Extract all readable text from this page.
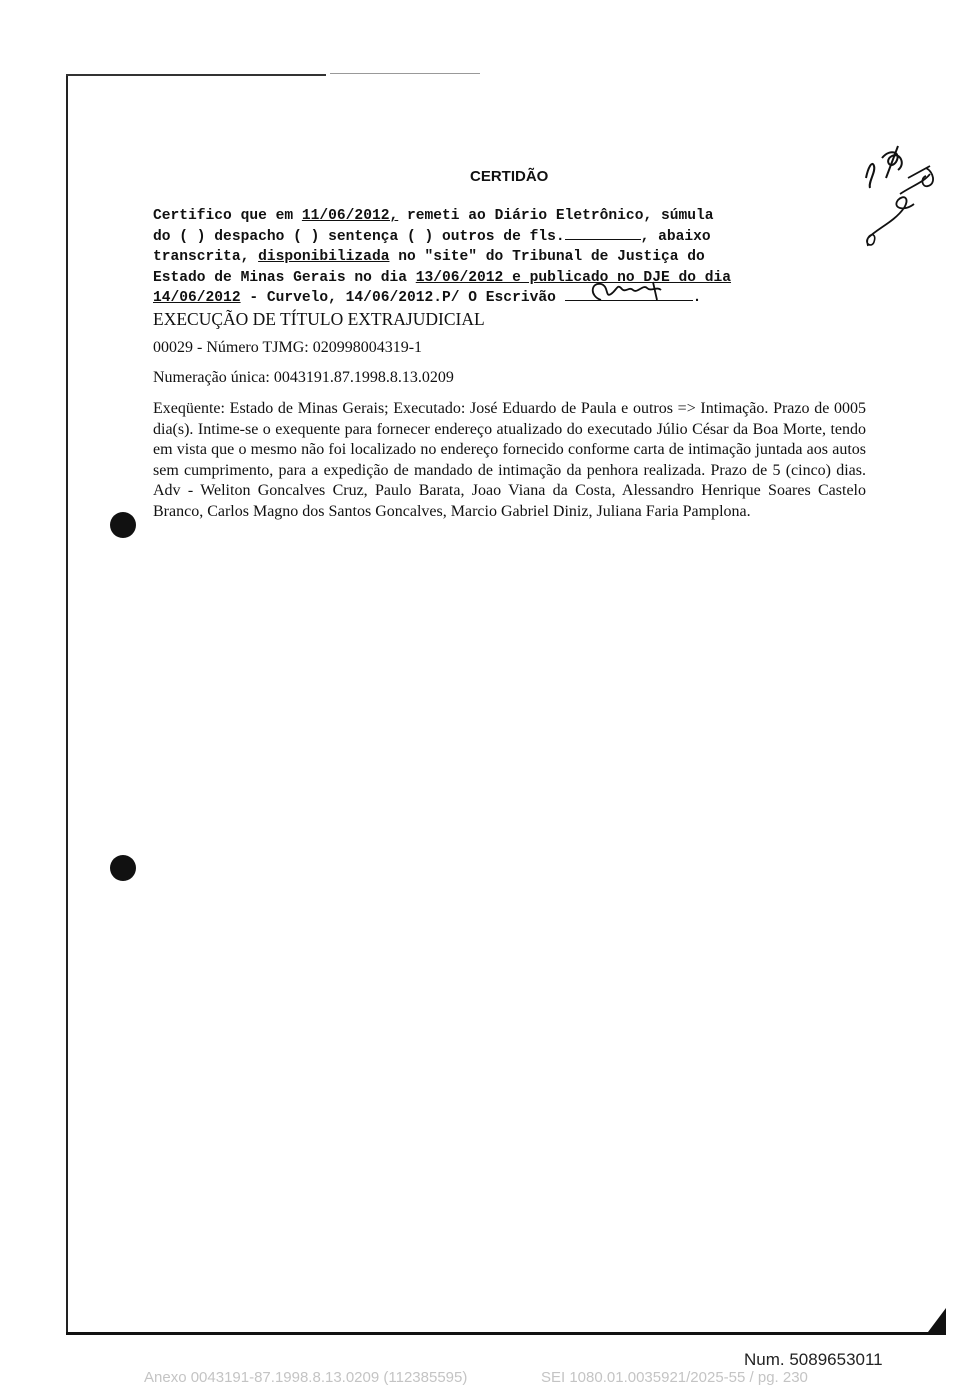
CERTIDÃO
Certifico que em 11/06/2012, remeti ao Diário Eletrônico, súmula
do ( ) despacho ( ) sentença ( ) outros de fls.	, abaixo
transcrita, disponibilizada no "site" do Tribunal de Justiça do
Estado de Minas Gerais no dia 13/06/2012 e publicado no DJE do dia
14/06/2012 - Curvelo, 14/06/2012.P/ O Escrivão	.
EXECUÇÃO DE TÍTULO EXTRAJUDICIAL
00029 - Número TJMG: 020998004319-1
Numeração única: 0043191.87.1998.8.13.0209

Exeqüente: Estado de Minas Gerais; Executado: José Eduardo de Paula e outros => Intimação. Prazo de 0005 dia(s). Intime-se o exequente para fornecer endereço atualizado do executado Júlio César da Boa Morte, tendo em vista que o mesmo não foi localizado no endereço fornecido conforme carta de intimação juntada aos autos sem cumprimento, para a expedição de mandado de intimação da penhora realizada. Prazo de 5 (cinco) dias. Adv - Weliton Goncalves Cruz, Paulo Barata, Joao Viana da Costa, Alessandro Henrique Soares Castelo Branco, Carlos Magno dos Santos Goncalves, Marcio Gabriel Diniz, Juliana Faria Pamplona.

Num. 5089653011
Anexo 0043191-87.1998.8.13.0209 (112385595)	SEI 1080.01.0035921/2025-55 / pg. 230
